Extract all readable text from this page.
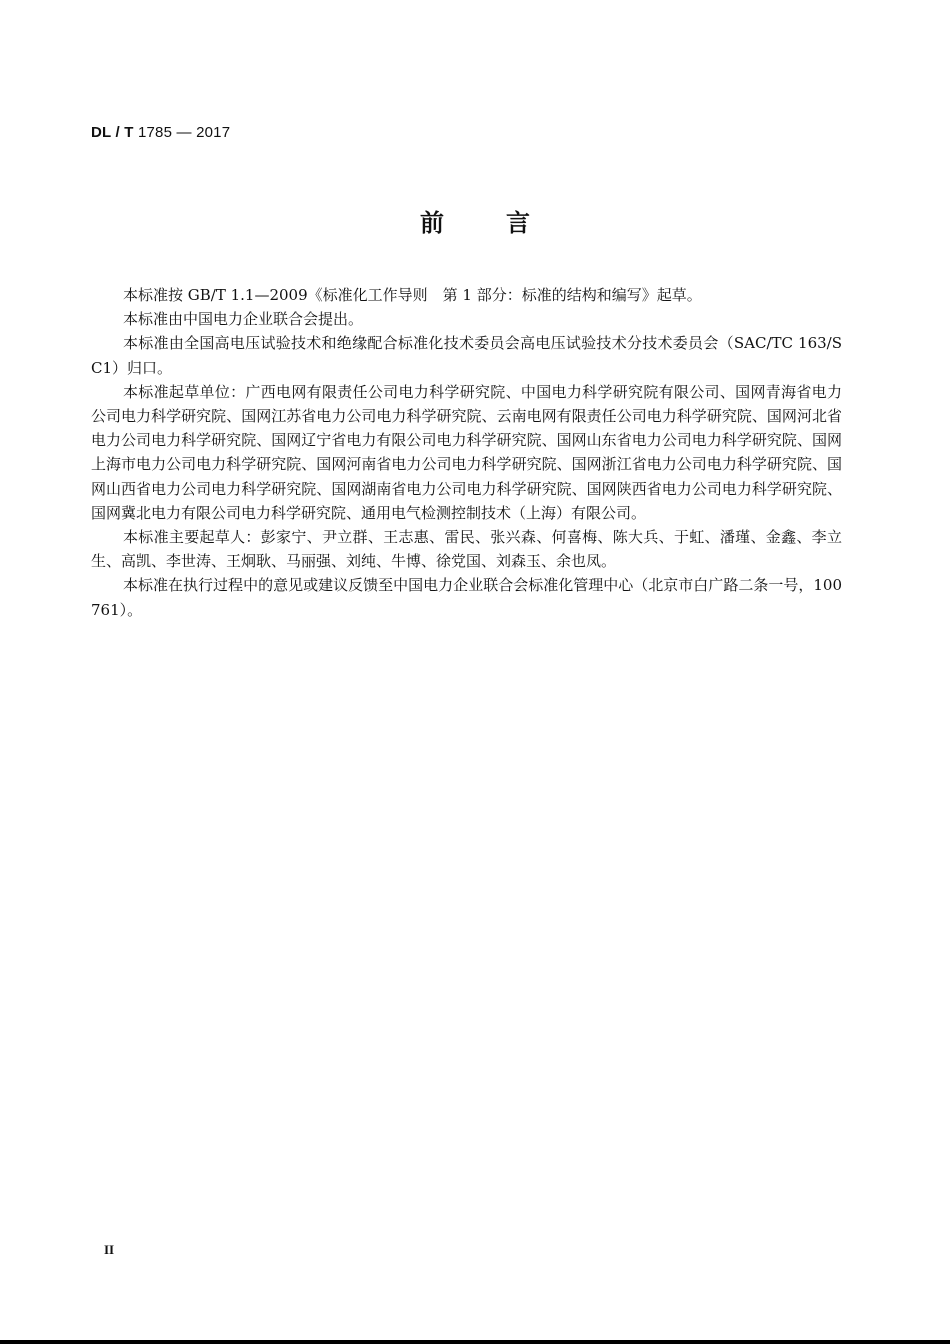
DL / T 1785 — 2017
前言

本标准按 GB/T 1.1—2009《标准化工作导则　第 1 部分：标准的结构和编写》起草。

本标准由中国电力企业联合会提出。

本标准由全国高电压试验技术和绝缘配合标准化技术委员会高电压试验技术分技术委员会（SAC/TC 163/SC1）归口。

本标准起草单位：广西电网有限责任公司电力科学研究院、中国电力科学研究院有限公司、国网青海省电力公司电力科学研究院、国网江苏省电力公司电力科学研究院、云南电网有限责任公司电力科学研究院、国网河北省电力公司电力科学研究院、国网辽宁省电力有限公司电力科学研究院、国网山东省电力公司电力科学研究院、国网上海市电力公司电力科学研究院、国网河南省电力公司电力科学研究院、国网浙江省电力公司电力科学研究院、国网山西省电力公司电力科学研究院、国网湖南省电力公司电力科学研究院、国网陕西省电力公司电力科学研究院、国网冀北电力有限公司电力科学研究院、通用电气检测控制技术（上海）有限公司。

本标准主要起草人：彭家宁、尹立群、王志惠、雷民、张兴森、何喜梅、陈大兵、于虹、潘瑾、金鑫、李立生、高凯、李世涛、王炯耿、马丽强、刘纯、牛博、徐党国、刘森玉、余也凤。

本标准在执行过程中的意见或建议反馈至中国电力企业联合会标准化管理中心（北京市白广路二条一号，100761）。

II
